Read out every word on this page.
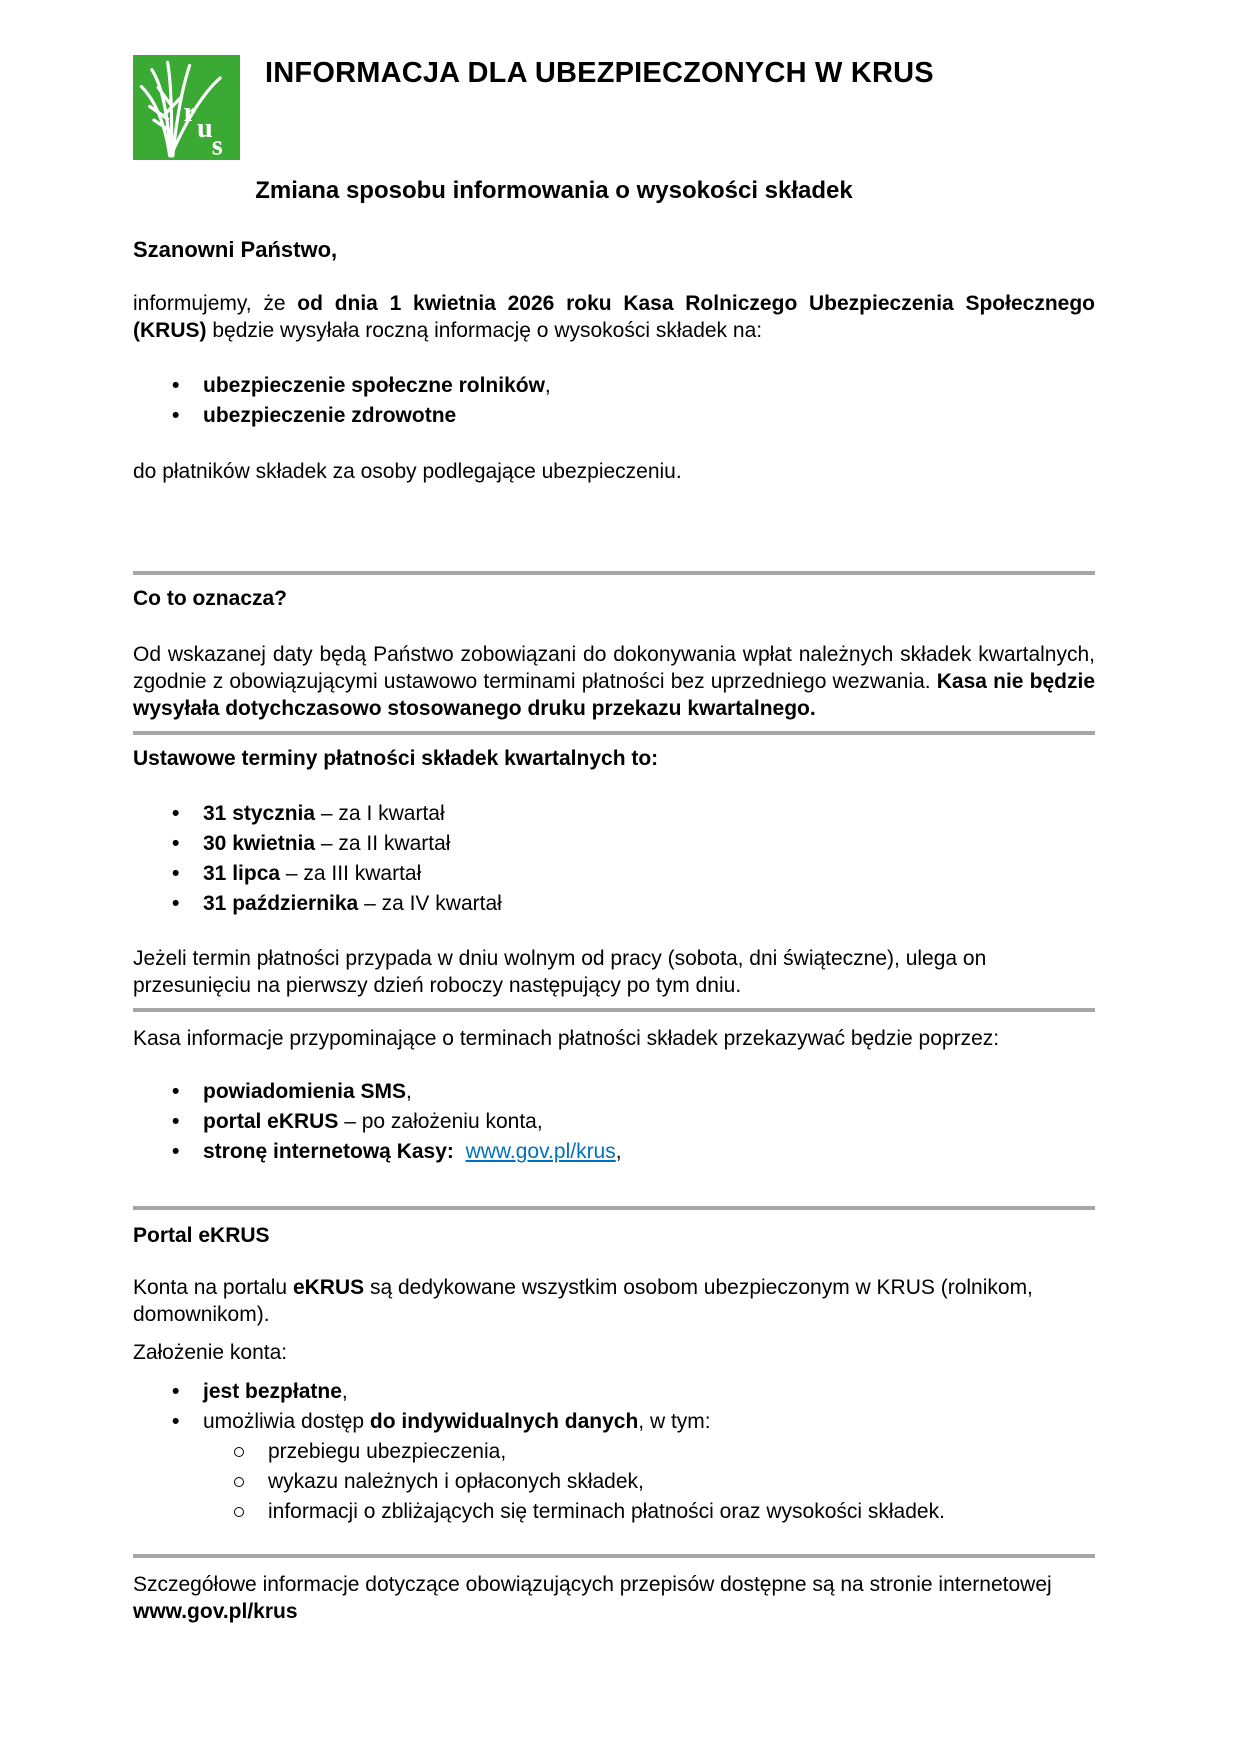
r
u
s
INFORMACJA DLA UBEZPIECZONYCH W KRUS
Zmiana sposobu informowania o wysokości składek

Szanowni Państwo,

informujemy, że od dnia 1 kwietnia 2026 roku Kasa Rolniczego Ubezpieczenia Społecznego (KRUS) będzie wysyłała roczną informację o wysokości składek na:

• ubezpieczenie społeczne rolników,
• ubezpieczenie zdrowotne

do płatników składek za osoby podlegające ubezpieczeniu.

Co to oznacza?

Od wskazanej daty będą Państwo zobowiązani do dokonywania wpłat należnych składek kwartalnych, zgodnie z obowiązującymi ustawowo terminami płatności bez uprzedniego wezwania. Kasa nie będzie wysyłała dotychczasowo stosowanego druku przekazu kwartalnego.

Ustawowe terminy płatności składek kwartalnych to:
• 31 stycznia – za I kwartał
• 30 kwietnia – za II kwartał
• 31 lipca – za III kwartał
• 31 października – za IV kwartał

Jeżeli termin płatności przypada w dniu wolnym od pracy (sobota, dni świąteczne), ulega on przesunięciu na pierwszy dzień roboczy następujący po tym dniu.

Kasa informacje przypominające o terminach płatności składek przekazywać będzie poprzez:

• powiadomienia SMS,
• portal eKRUS – po założeniu konta,
• stronę internetową Kasy: www.gov.pl/krus,
Portal eKRUS

Konta na portalu eKRUS są dedykowane wszystkim osobom ubezpieczonym w KRUS (rolnikom, domownikom).

Założenie konta:

• jest bezpłatne,
• umożliwia dostęp do indywidualnych danych, w tym:
przebiegu ubezpieczenia,
wykazu należnych i opłaconych składek,
informacji o zbliżających się terminach płatności oraz wysokości składek.

Szczegółowe informacje dotyczące obowiązujących przepisów dostępne są na stronie internetowej www.gov.pl/krus
